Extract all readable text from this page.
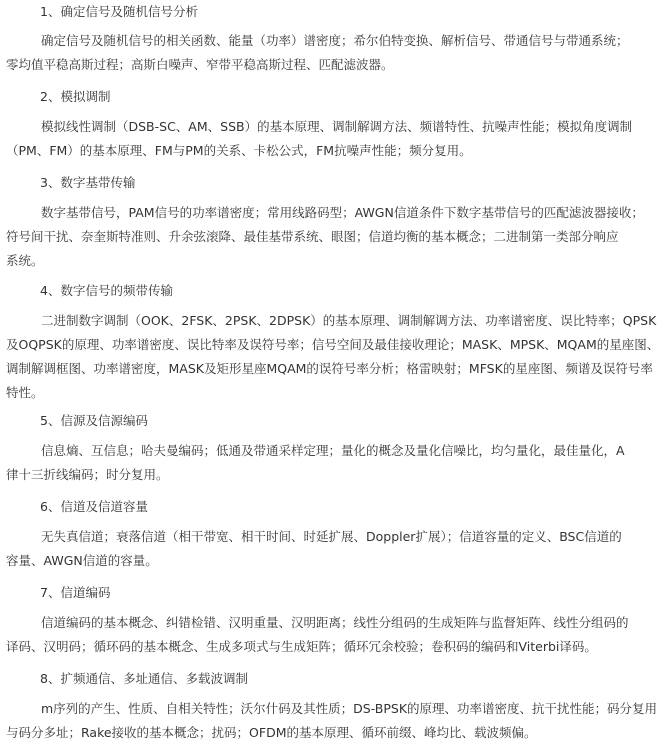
1、确定信号及随机信号分析
确定信号及随机信号的相关函数、能量（功率）谱密度；希尔伯特变换、解析信号、带通信号与带通系统；
零均值平稳高斯过程；高斯白噪声、窄带平稳高斯过程、匹配滤波器。
2、模拟调制
模拟线性调制（DSB-SC、AM、SSB）的基本原理、调制解调方法、频谱特性、抗噪声性能；模拟角度调制
（PM、FM）的基本原理、FM与PM的关系、卡松公式，FM抗噪声性能；频分复用。
3、数字基带传输
数字基带信号，PAM信号的功率谱密度；常用线路码型；AWGN信道条件下数字基带信号的匹配滤波器接收；
符号间干扰、奈奎斯特准则、升余弦滚降、最佳基带系统、眼图；信道均衡的基本概念；二进制第一类部分响应
系统。
4、数字信号的频带传输
二进制数字调制（OOK、2FSK、2PSK、2DPSK）的基本原理、调制解调方法、功率谱密度、误比特率；QPSK
及OQPSK的原理、功率谱密度、误比特率及误符号率；信号空间及最佳接收理论；MASK、MPSK、MQAM的星座图、
调制解调框图、功率谱密度，MASK及矩形星座MQAM的误符号率分析；格雷映射；MFSK的星座图、频谱及误符号率
特性。
5、信源及信源编码
信息熵、互信息；哈夫曼编码；低通及带通采样定理；量化的概念及量化信噪比，均匀量化，最佳量化，A
律十三折线编码；时分复用。
6、信道及信道容量
无失真信道；衰落信道（相干带宽、相干时间、时延扩展、Doppler扩展）；信道容量的定义、BSC信道的
容量、AWGN信道的容量。
7、信道编码
信道编码的基本概念、纠错检错、汉明重量、汉明距离；线性分组码的生成矩阵与监督矩阵、线性分组码的
译码、汉明码；循环码的基本概念、生成多项式与生成矩阵；循环冗余校验；卷积码的编码和Viterbi译码。
8、扩频通信、多址通信、多载波调制
m序列的产生、性质、自相关特性；沃尔什码及其性质；DS-BPSK的原理、功率谱密度、抗干扰性能；码分复用
与码分多址；Rake接收的基本概念；扰码；OFDM的基本原理、循环前缀、峰均比、载波频偏。
